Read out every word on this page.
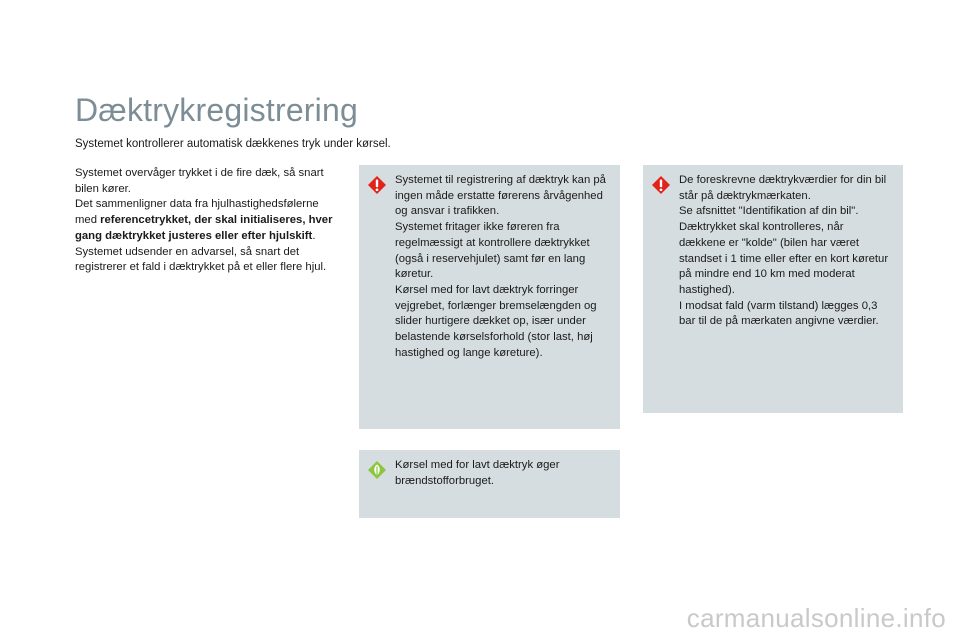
Dæktrykregistrering

Systemet kontrollerer automatisk dækkenes tryk under kørsel.

Systemet overvåger trykket i de fire dæk, så snart bilen kører.

Det sammenligner data fra hjulhastighedsfølerne med referencetrykket, der skal initialiseres, hver gang dæktrykket justeres eller efter hjulskift.

Systemet udsender en advarsel, så snart det registrerer et fald i dæktrykket på et eller flere hjul.

Systemet til registrering af dæktryk kan på ingen måde erstatte førerens årvågenhed og ansvar i trafikken.
Systemet fritager ikke føreren fra regelmæssigt at kontrollere dæktrykket (også i reservehjulet) samt før en lang køretur.
Kørsel med for lavt dæktryk forringer vejgrebet, forlænger bremselængden og slider hurtigere dækket op, især under belastende kørselsforhold (stor last, høj hastighed og lange køreture).
De foreskrevne dæktrykværdier for din bil står på dæktrykmærkaten.
Se afsnittet "Identifikation af din bil".
Dæktrykket skal kontrolleres, når dækkene er "kolde" (bilen har været standset i 1 time eller efter en kort køretur på mindre end 10 km med moderat hastighed).
I modsat fald (varm tilstand) lægges 0,3 bar til de på mærkaten angivne værdier.
Kørsel med for lavt dæktryk øger brændstofforbruget.
carmanualsonline.info
